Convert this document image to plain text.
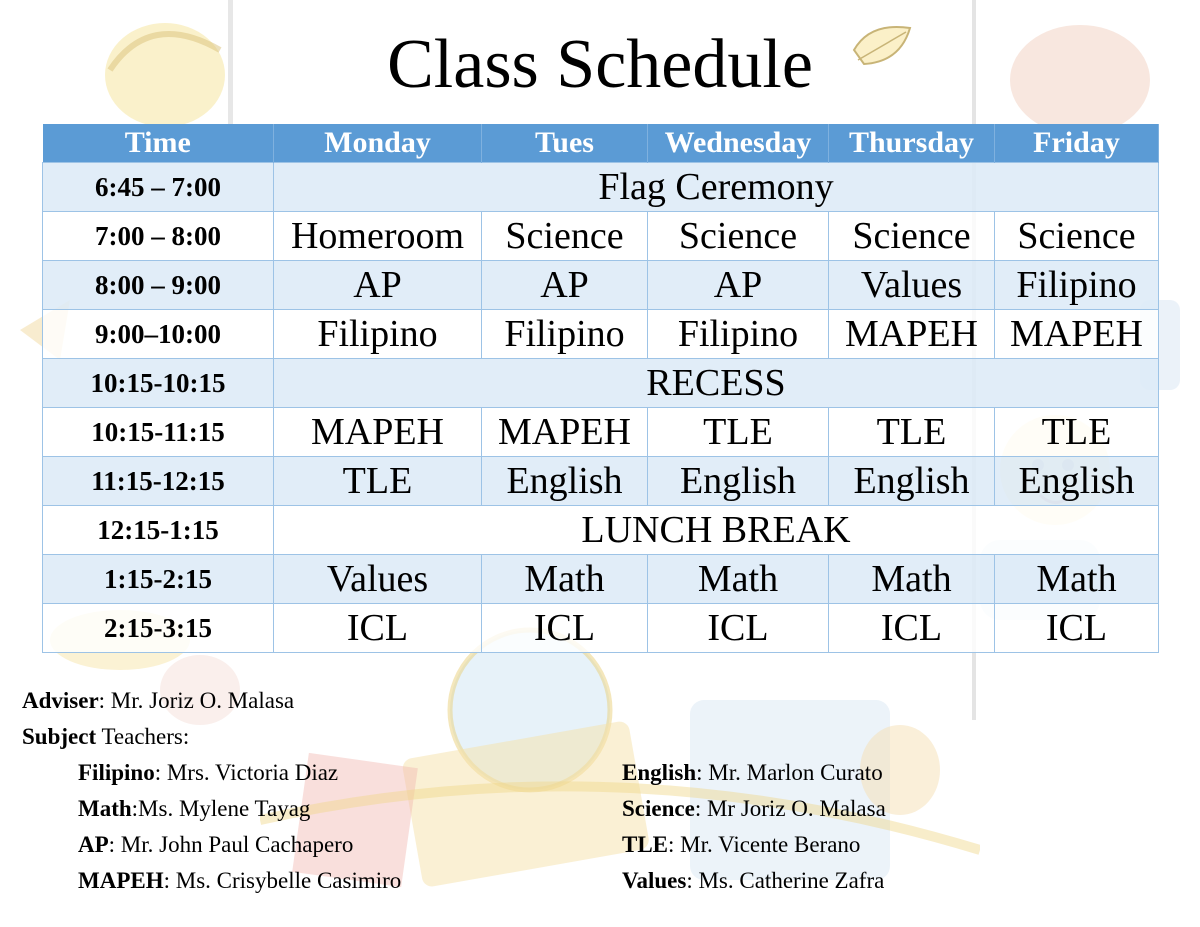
Class Schedule
Time	Monday	Tues	Wednesday	Thursday	Friday
6:45 – 7:00	Flag Ceremony				
7:00 – 8:00	Homeroom	Science	Science	Science	Science
8:00 – 9:00	AP	AP	AP	Values	Filipino
9:00–10:00	Filipino	Filipino	Filipino	MAPEH	MAPEH
10:15-10:15	RECESS				
10:15-11:15	MAPEH	MAPEH	TLE	TLE	TLE
11:15-12:15	TLE	English	English	English	English
12:15-1:15	LUNCH BREAK				
1:15-2:15	Values	Math	Math	Math	Math
2:15-3:15	ICL	ICL	ICL	ICL	ICL
Adviser: Mr. Joriz O. Malasa
Subject Teachers:
Filipino: Mrs. Victoria Diaz
Math:Ms. Mylene Tayag
AP: Mr. John Paul Cachapero
MAPEH: Ms. Crisybelle Casimiro
English: Mr. Marlon Curato
Science: Mr Joriz O. Malasa
TLE: Mr. Vicente Berano
Values: Ms. Catherine Zafra
